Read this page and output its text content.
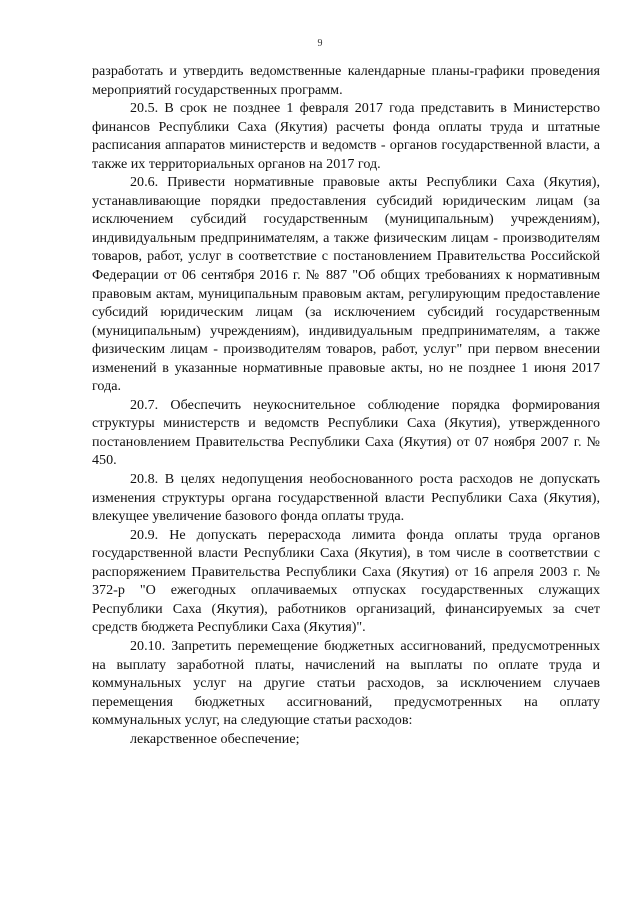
9

разработать и утвердить ведомственные календарные планы-графики проведения мероприятий государственных программ.

20.5. В срок не позднее 1 февраля 2017 года представить в Министерство финансов Республики Саха (Якутия) расчеты фонда оплаты труда и штатные расписания аппаратов министерств и ведомств - органов государственной власти, а также их территориальных органов на 2017 год.

20.6. Привести нормативные правовые акты Республики Саха (Якутия), устанавливающие порядки предоставления субсидий юридическим лицам (за исключением субсидий государственным (муниципальным) учреждениям), индивидуальным предпринимателям, а также физическим лицам - производителям товаров, работ, услуг в соответствие с постановлением Правительства Российской Федерации от 06 сентября 2016 г. № 887 "Об общих требованиях к нормативным правовым актам, муниципальным правовым актам, регулирующим предоставление субсидий юридическим лицам (за исключением субсидий государственным (муниципальным) учреждениям), индивидуальным предпринимателям, а также физическим лицам - производителям товаров, работ, услуг" при первом внесении изменений в указанные нормативные правовые акты, но не позднее 1 июня 2017 года.

20.7. Обеспечить неукоснительное соблюдение порядка формирования структуры министерств и ведомств Республики Саха (Якутия), утвержденного постановлением Правительства Республики Саха (Якутия) от 07 ноября 2007 г. № 450.

20.8. В целях недопущения необоснованного роста расходов не допускать изменения структуры органа государственной власти Республики Саха (Якутия), влекущее увеличение базового фонда оплаты труда.

20.9. Не допускать перерасхода лимита фонда оплаты труда органов государственной власти Республики Саха (Якутия), в том числе в соответствии с распоряжением Правительства Республики Саха (Якутия) от 16 апреля 2003 г. № 372-р "О ежегодных оплачиваемых отпусках государственных служащих Республики Саха (Якутия), работников организаций, финансируемых за счет средств бюджета Республики Саха (Якутия)".

20.10. Запретить перемещение бюджетных ассигнований, предусмотренных на выплату заработной платы, начислений на выплаты по оплате труда и коммунальных услуг на другие статьи расходов, за исключением случаев перемещения бюджетных ассигнований, предусмотренных на оплату коммунальных услуг, на следующие статьи расходов:

лекарственное обеспечение;
